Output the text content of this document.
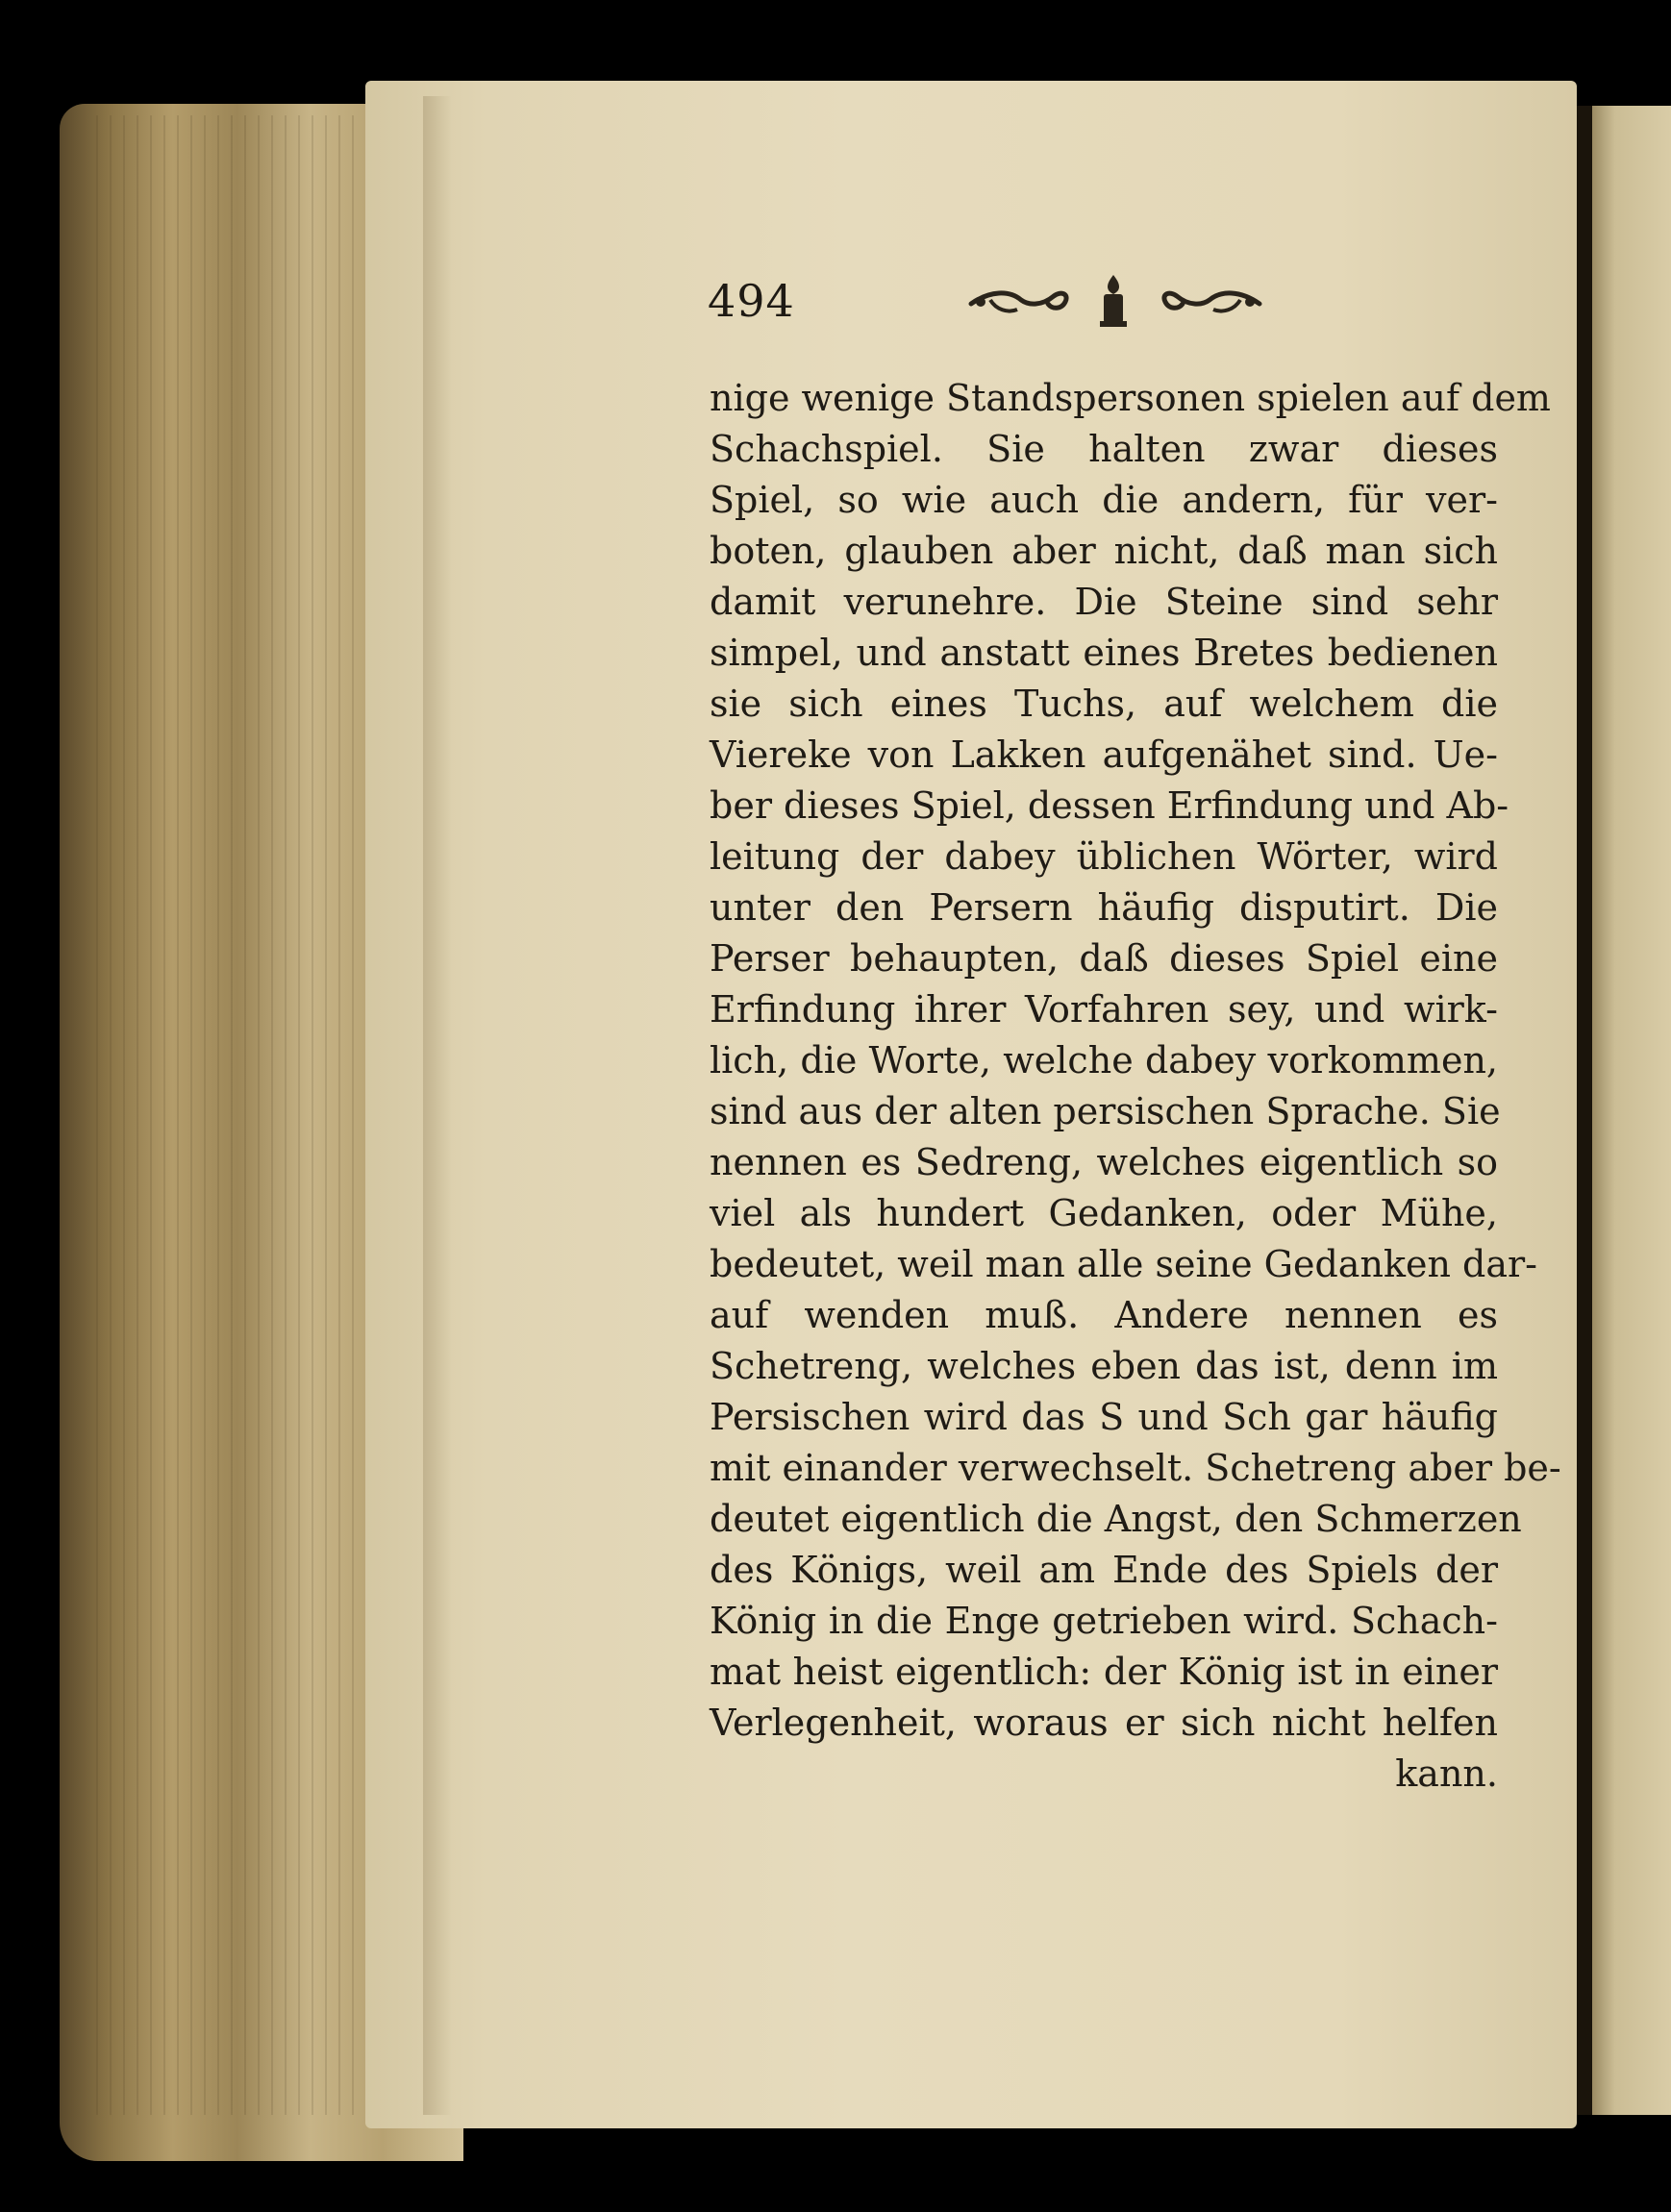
494
nige wenige Standspersonen spielen auf dem
Schachspiel. Sie halten zwar dieses
Spiel, so wie auch die andern, für ver-
boten, glauben aber nicht, daß man sich
damit verunehre. Die Steine sind sehr
simpel, und anstatt eines Bretes bedienen
sie sich eines Tuchs, auf welchem die
Viereke von Lakken aufgenähet sind. Ue-
ber dieses Spiel, dessen Erfindung und Ab-
leitung der dabey üblichen Wörter, wird
unter den Persern häufig disputirt. Die
Perser behaupten, daß dieses Spiel eine
Erfindung ihrer Vorfahren sey, und wirk-
lich, die Worte, welche dabey vorkommen,
sind aus der alten persischen Sprache. Sie
nennen es Sedreng, welches eigentlich so
viel als hundert Gedanken, oder Mühe,
bedeutet, weil man alle seine Gedanken dar-
auf wenden muß. Andere nennen es
Schetreng, welches eben das ist, denn im
Persischen wird das S und Sch gar häufig
mit einander verwechselt. Schetreng aber be-
deutet eigentlich die Angst, den Schmerzen
des Königs, weil am Ende des Spiels der
König in die Enge getrieben wird. Schach-
mat heist eigentlich: der König ist in einer
Verlegenheit, woraus er sich nicht helfen
kann.
